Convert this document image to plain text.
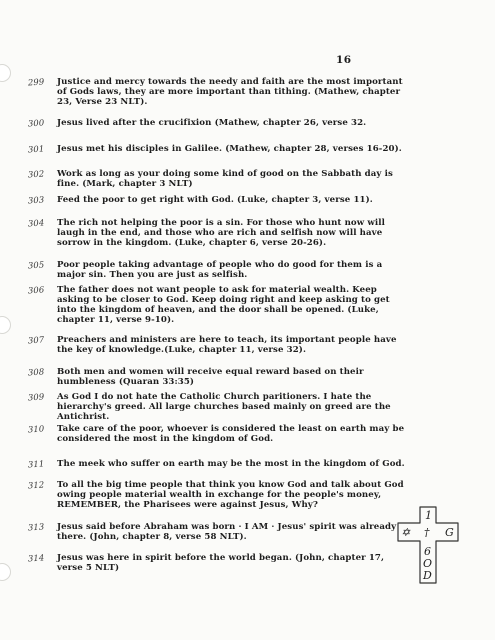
16
299 Justice and mercy towards the needy and faith are the most important of Gods laws, they are more important than tithing. (Mathew, chapter 23, Verse 23 NLT).

300 Jesus lived after the crucifixion (Mathew, chapter 26, verse 32.

301 Jesus met his disciples in Galilee. (Mathew, chapter 28, verses 16-20).

302 Work as long as your doing some kind of good on the Sabbath day is fine. (Mark, chapter 3 NLT)

303 Feed the poor to get right with God. (Luke, chapter 3, verse 11).

304 The rich not helping the poor is a sin. For those who hunt now will laugh in the end, and those who are rich and selfish now will have sorrow in the kingdom. (Luke, chapter 6, verse 20-26).

305 Poor people taking advantage of people who do good for them is a major sin. Then you are just as selfish.

306 The father does not want people to ask for material wealth. Keep asking to be closer to God. Keep doing right and keep asking to get into the kingdom of heaven, and the door shall be opened. (Luke, chapter 11, verse 9-10).

307 Preachers and ministers are here to teach, its important people have the key of knowledge.(Luke, chapter 11, verse 32).

308 Both men and women will receive equal reward based on their humbleness (Quaran 33:35)

309 As God I do not hate the Catholic Church paritioners. I hate the hierarchy's greed. All large churches based mainly on greed are the Antichrist.

310 Take care of the poor, whoever is considered the least on earth may be considered the most in the kingdom of God.

311 The meek who suffer on earth may be the most in the kingdom of God.

312 To all the big time people that think you know God and talk about God owing people material wealth in exchange for the people's money, REMEMBER, the Pharisees were against Jesus, Why?

313 Jesus said before Abraham was born · I AM · Jesus' spirit was already there. (John, chapter 8, verse 58 NLT).

314 Jesus was here in spirit before the world began. (John, chapter 17, verse 5 NLT)

1
✡ † G
6
O
D
